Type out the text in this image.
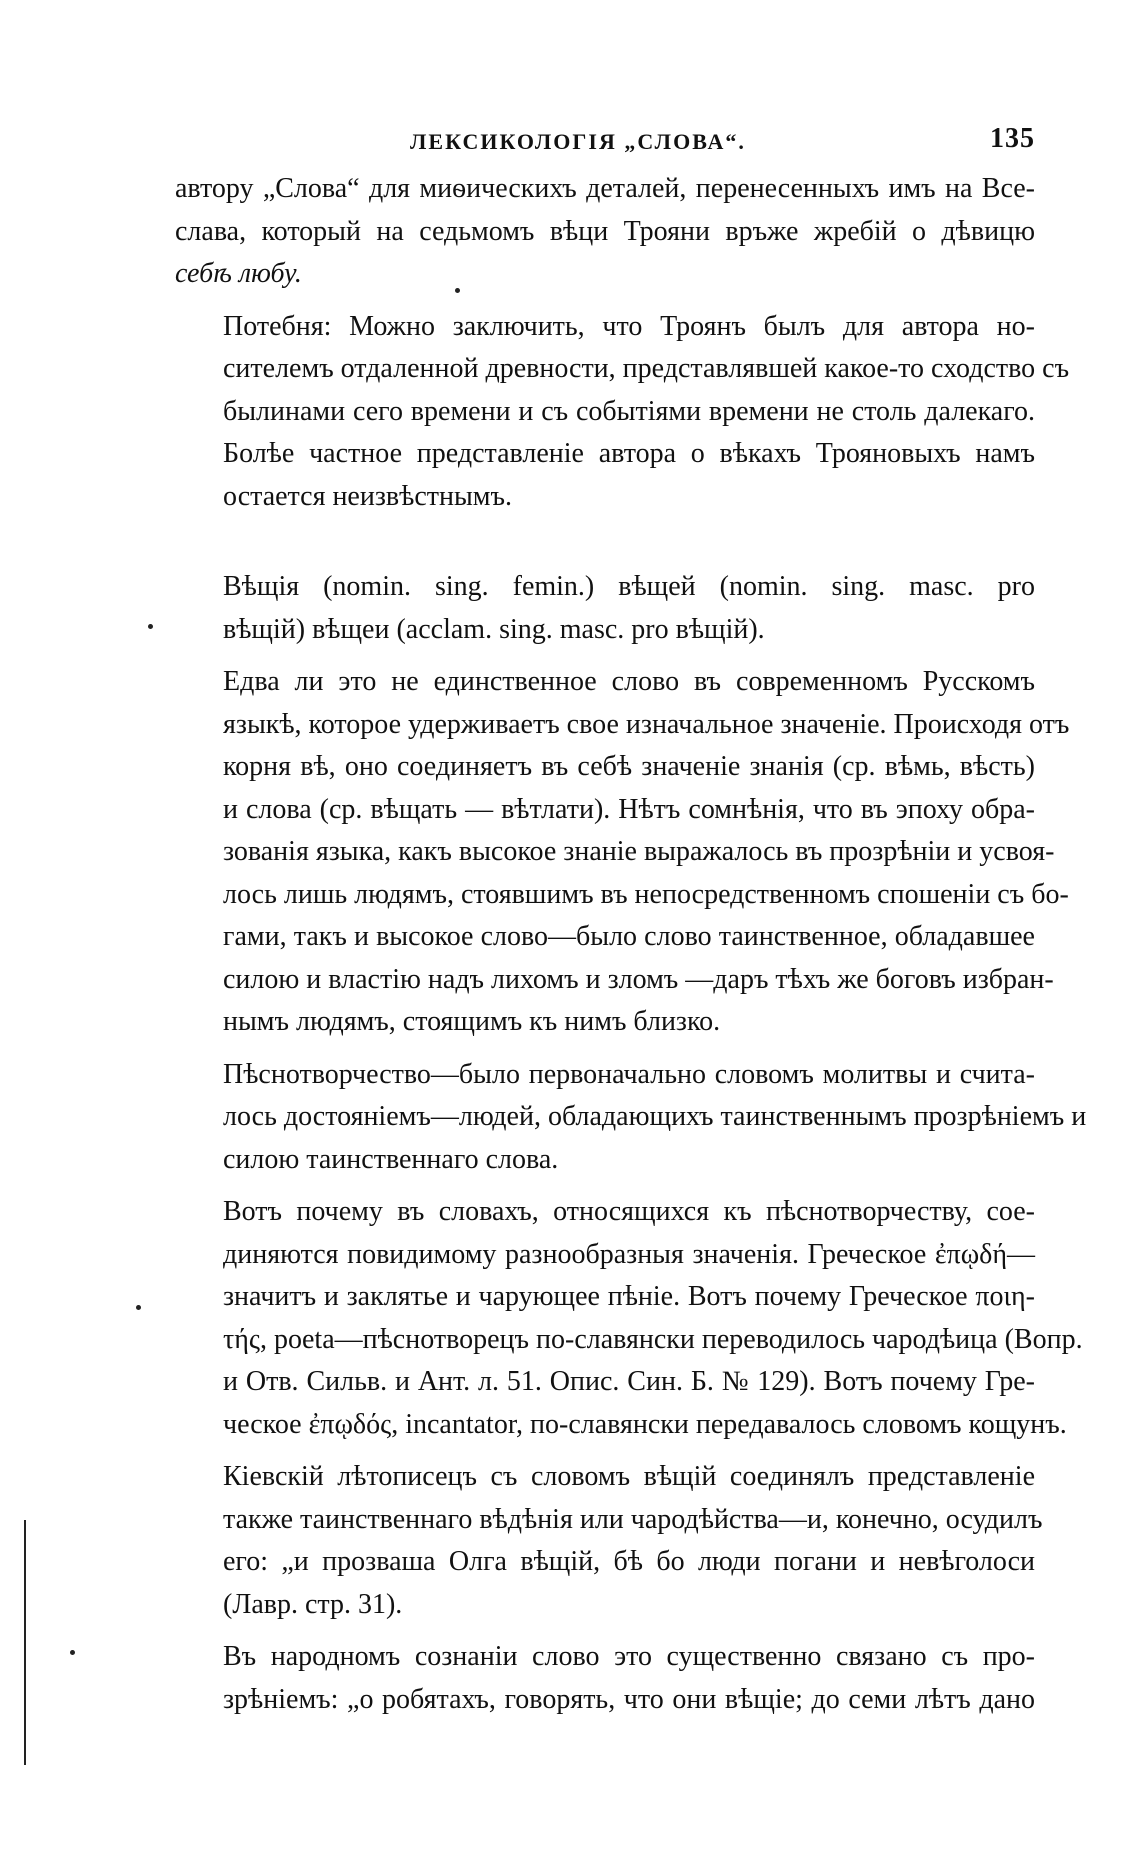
ЛЕКСИКОЛОГІЯ „СЛОВА“.	135

автору „Слова“ для миѳическихъ деталей, перенесенныхъ имъ на Все-
слава, который на седьмомъ вѣци Трояни връже жребій о дѣвицю
себѣ любу.

Потебня: Можно заключить, что Троянъ былъ для автора но-
сителемъ отдаленной древности, представлявшей какое-то сходство съ
былинами сего времени и съ событіями времени не столь далекаго.
Болѣе частное представленіе автора о вѣкахъ Трояновыхъ намъ
остается неизвѣстнымъ.

Вѣщія (nomin. sing. femin.) вѣщей (nomin. sing. masc. pro
вѣщій) вѣщеи (acclam. sing. masc. pro вѣщій).

Едва ли это не единственное слово въ современномъ Русскомъ
языкѣ, которое удерживаетъ свое изначальное значеніе. Происходя отъ
корня вѣ, оно соединяетъ въ себѣ значеніе знанія (ср. вѣмь, вѣсть)
и слова (ср. вѣщать — вѣтлати). Нѣтъ сомнѣнія, что въ эпоху обра-
зованія языка, какъ высокое знаніе выражалось въ прозрѣніи и усвоя-
лось лишь людямъ, стоявшимъ въ непосредственномъ спошеніи съ бо-
гами, такъ и высокое слово—было слово таинственное, обладавшее
силою и властію надъ лихомъ и зломъ —даръ тѣхъ же боговъ избран-
нымъ людямъ, стоящимъ къ нимъ близко.

Пѣснотворчество—было первоначально словомъ молитвы и счита-
лось достояніемъ—людей, обладающихъ таинственнымъ прозрѣніемъ и
силою таинственнаго слова.

Вотъ почему въ словахъ, относящихся къ пѣснотворчеству, сое-
диняются повидимому разнообразныя значенія. Греческое ἐπῳδή—
значитъ и заклятье и чарующее пѣніе. Вотъ почему Греческое ποιη-
τής, poeta—пѣснотворецъ по-славянски переводилось чародѣица (Вопр.
и Отв. Сильв. и Ант. л. 51. Опис. Син. Б. № 129). Вотъ почему Гре-
ческое ἐπῳδός, incantator, по-славянски передавалось словомъ кощунъ.

Кіевскій лѣтописецъ съ словомъ вѣщій соединялъ представленіе
также таинственнаго вѣдѣнія или чародѣйства—и, конечно, осудилъ
его: „и прозваша Олга вѣщій, бѣ бо люди погани и невѣголоси
(Лавр. стр. 31).

Въ народномъ сознаніи слово это существенно связано съ про-
зрѣніемъ: „о робятахъ, говорять, что они вѣщіе; до семи лѣтъ дано
